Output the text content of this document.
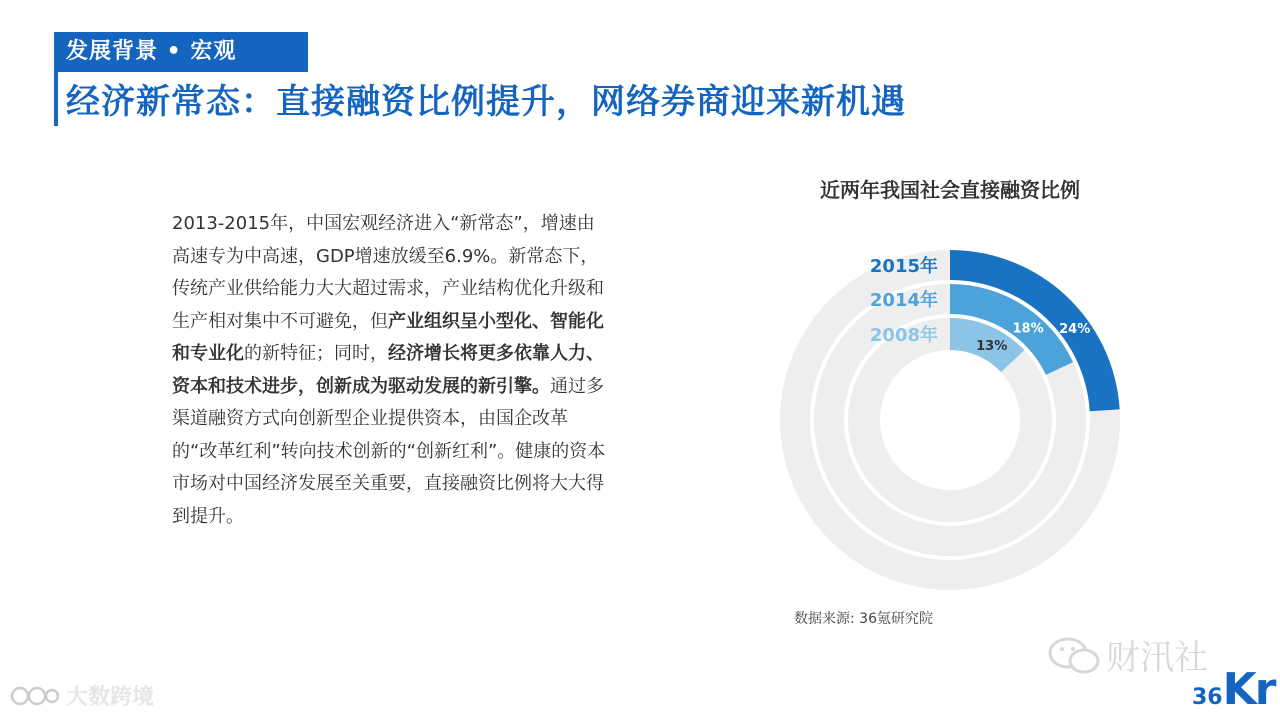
发展背景 • 宏观
经济新常态：直接融资比例提升，网络券商迎来新机遇
2013-2015年，中国宏观经济进入“新常态”，增速由高速专为中高速，GDP增速放缓至6.9%。新常态下，传统产业供给能力大大超过需求，产业结构优化升级和生产相对集中不可避免，但产业组织呈小型化、智能化和专业化的新特征；同时，经济增长将更多依靠人力、资本和技术进步，创新成为驱动发展的新引擎。通过多渠道融资方式向创新型企业提供资本，由国企改革的“改革红利”转向技术创新的“创新红利”。健康的资本市场对中国经济发展至关重要，直接融资比例将大大得到提升。
近两年我国社会直接融资比例
24%
2015年
18%
2014年
13%
2008年
数据来源: 36氪研究院
财汛社
36 Kr
大数跨境
